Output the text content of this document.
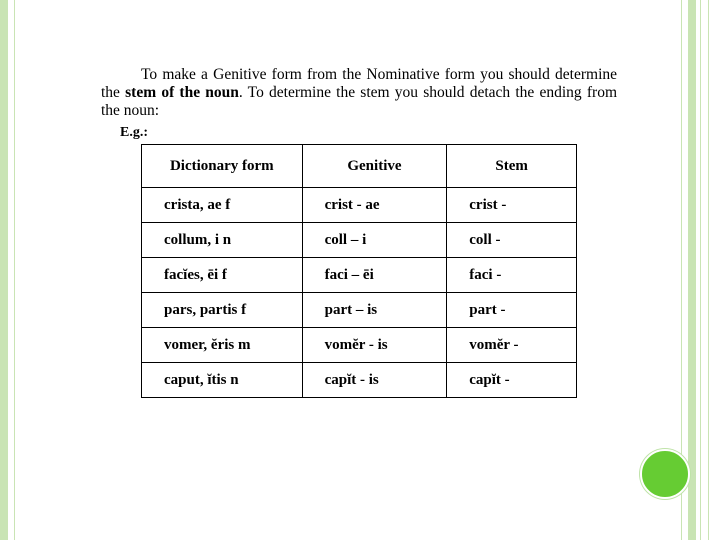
To make a Genitive form from the Nominative form you should determine the stem of the noun. To determine the stem you should detach the ending from the noun:

E.g.:
Dictionary form	Genitive	Stem
crista, ae f	crist - ae	crist -
collum, i n	coll – i	coll -
facĭes, ēi f	faci – ēi	faci -
pars, partis f	part – is	part -
vomer, ĕris m	vomĕr - is	vomĕr -
caput, ĭtis n	capĭt - is	capĭt -
